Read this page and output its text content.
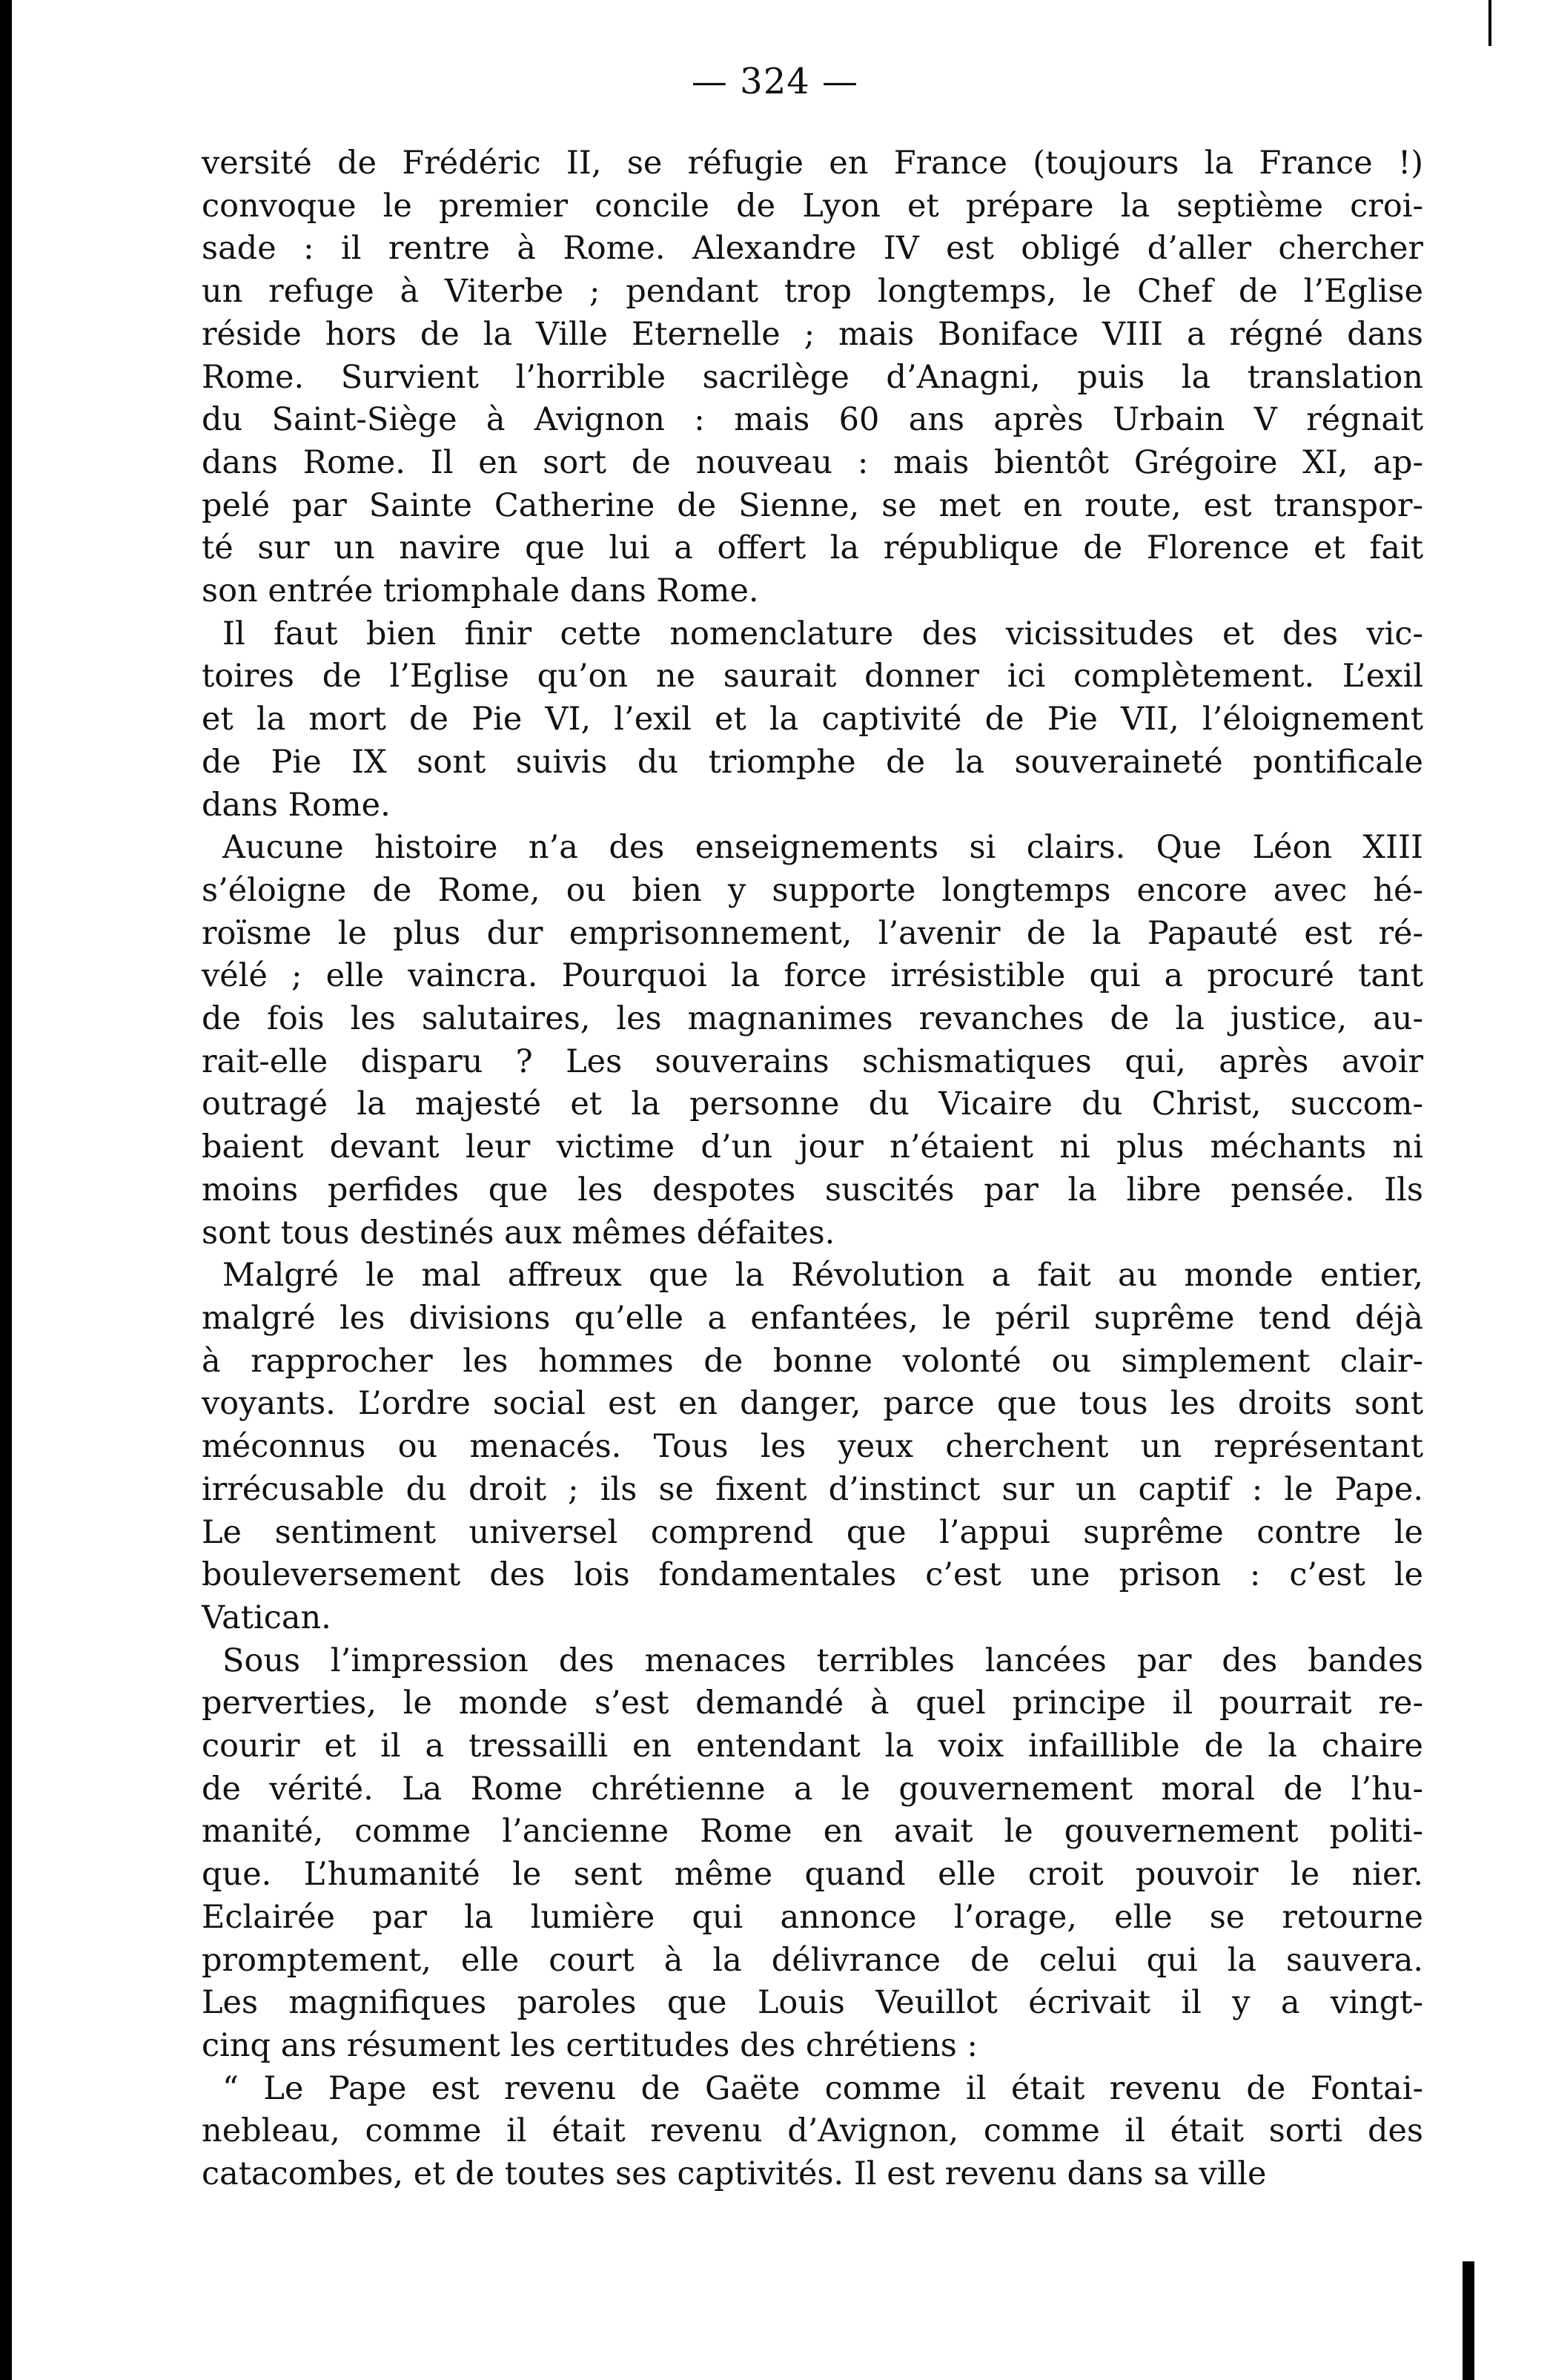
— 324 —

versité de Frédéric II, se réfugie en France (toujours la France !)
convoque le premier concile de Lyon et prépare la septième croi-
sade : il rentre à Rome. Alexandre IV est obligé d’aller chercher
un refuge à Viterbe ; pendant trop longtemps, le Chef de l’Eglise
réside hors de la Ville Eternelle ; mais Boniface VIII a régné dans
Rome. Survient l’horrible sacrilège d’Anagni, puis la translation
du Saint-Siège à Avignon : mais 60 ans après Urbain V régnait
dans Rome. Il en sort de nouveau : mais bientôt Grégoire XI, ap-
pelé par Sainte Catherine de Sienne, se met en route, est transpor-
té sur un navire que lui a offert la république de Florence et fait
son entrée triomphale dans Rome.

Il faut bien finir cette nomenclature des vicissitudes et des vic-
toires de l’Eglise qu’on ne saurait donner ici complètement. L’exil
et la mort de Pie VI, l’exil et la captivité de Pie VII, l’éloignement
de Pie IX sont suivis du triomphe de la souveraineté pontificale
dans Rome.

Aucune histoire n’a des enseignements si clairs. Que Léon XIII
s’éloigne de Rome, ou bien y supporte longtemps encore avec hé-
roïsme le plus dur emprisonnement, l’avenir de la Papauté est ré-
vélé ; elle vaincra. Pourquoi la force irrésistible qui a procuré tant
de fois les salutaires, les magnanimes revanches de la justice, au-
rait-elle disparu ? Les souverains schismatiques qui, après avoir
outragé la majesté et la personne du Vicaire du Christ, succom-
baient devant leur victime d’un jour n’étaient ni plus méchants ni
moins perfides que les despotes suscités par la libre pensée. Ils
sont tous destinés aux mêmes défaites.

Malgré le mal affreux que la Révolution a fait au monde entier,
malgré les divisions qu’elle a enfantées, le péril suprême tend déjà
à rapprocher les hommes de bonne volonté ou simplement clair-
voyants. L’ordre social est en danger, parce que tous les droits sont
méconnus ou menacés. Tous les yeux cherchent un représentant
irrécusable du droit ; ils se fixent d’instinct sur un captif : le Pape.
Le sentiment universel comprend que l’appui suprême contre le
bouleversement des lois fondamentales c’est une prison : c’est le
Vatican.

Sous l’impression des menaces terribles lancées par des bandes
perverties, le monde s’est demandé à quel principe il pourrait re-
courir et il a tressailli en entendant la voix infaillible de la chaire
de vérité. La Rome chrétienne a le gouvernement moral de l’hu-
manité, comme l’ancienne Rome en avait le gouvernement politi-
que. L’humanité le sent même quand elle croit pouvoir le nier.
Eclairée par la lumière qui annonce l’orage, elle se retourne
promptement, elle court à la délivrance de celui qui la sauvera.
Les magnifiques paroles que Louis Veuillot écrivait il y a vingt-
cinq ans résument les certitudes des chrétiens :

“ Le Pape est revenu de Gaëte comme il était revenu de Fontai-
nebleau, comme il était revenu d’Avignon, comme il était sorti des
catacombes, et de toutes ses captivités. Il est revenu dans sa ville
